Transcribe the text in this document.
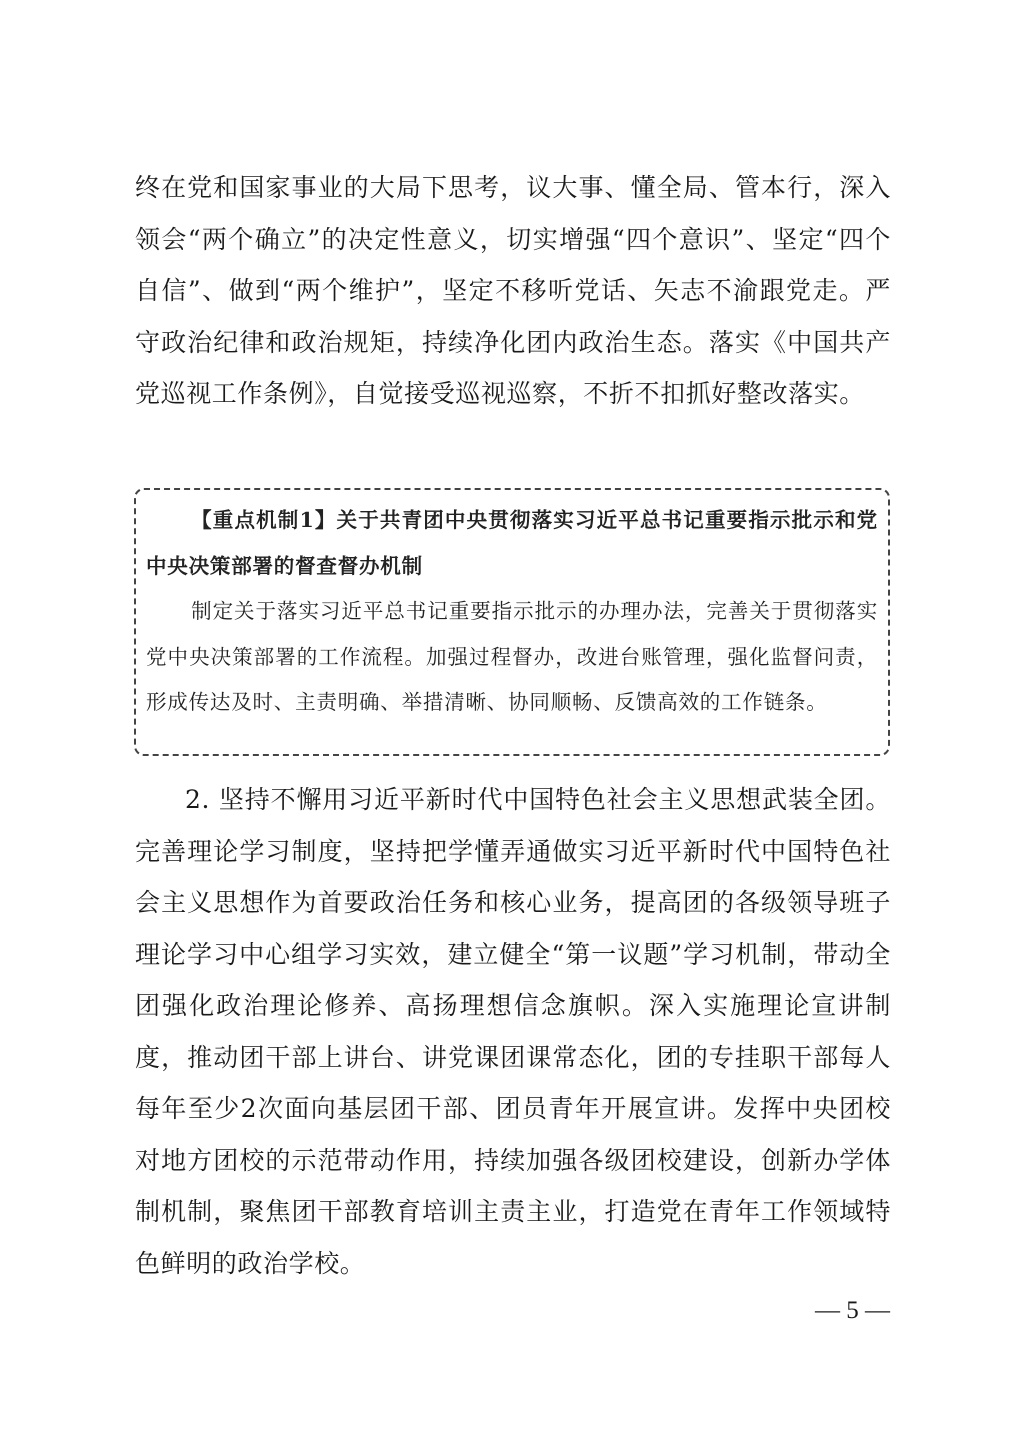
终在党和国家事业的大局下思考，议大事、懂全局、管本行，深入领会“两个确立”的决定性意义，切实增强“四个意识”、坚定“四个自信”、做到“两个维护”，坚定不移听党话、矢志不渝跟党走。严守政治纪律和政治规矩，持续净化团内政治生态。落实《中国共产党巡视工作条例》，自觉接受巡视巡察，不折不扣抓好整改落实。

【重点机制1】关于共青团中央贯彻落实习近平总书记重要指示批示和党中央决策部署的督查督办机制

制定关于落实习近平总书记重要指示批示的办理办法，完善关于贯彻落实党中央决策部署的工作流程。加强过程督办，改进台账管理，强化监督问责，形成传达及时、主责明确、举措清晰、协同顺畅、反馈高效的工作链条。

2. 坚持不懈用习近平新时代中国特色社会主义思想武装全团。完善理论学习制度，坚持把学懂弄通做实习近平新时代中国特色社会主义思想作为首要政治任务和核心业务，提高团的各级领导班子理论学习中心组学习实效，建立健全“第一议题”学习机制，带动全团强化政治理论修养、高扬理想信念旗帜。深入实施理论宣讲制度，推动团干部上讲台、讲党课团课常态化，团的专挂职干部每人每年至少2次面向基层团干部、团员青年开展宣讲。发挥中央团校对地方团校的示范带动作用，持续加强各级团校建设，创新办学体制机制，聚焦团干部教育培训主责主业，打造党在青年工作领域特色鲜明的政治学校。

— 5 —
